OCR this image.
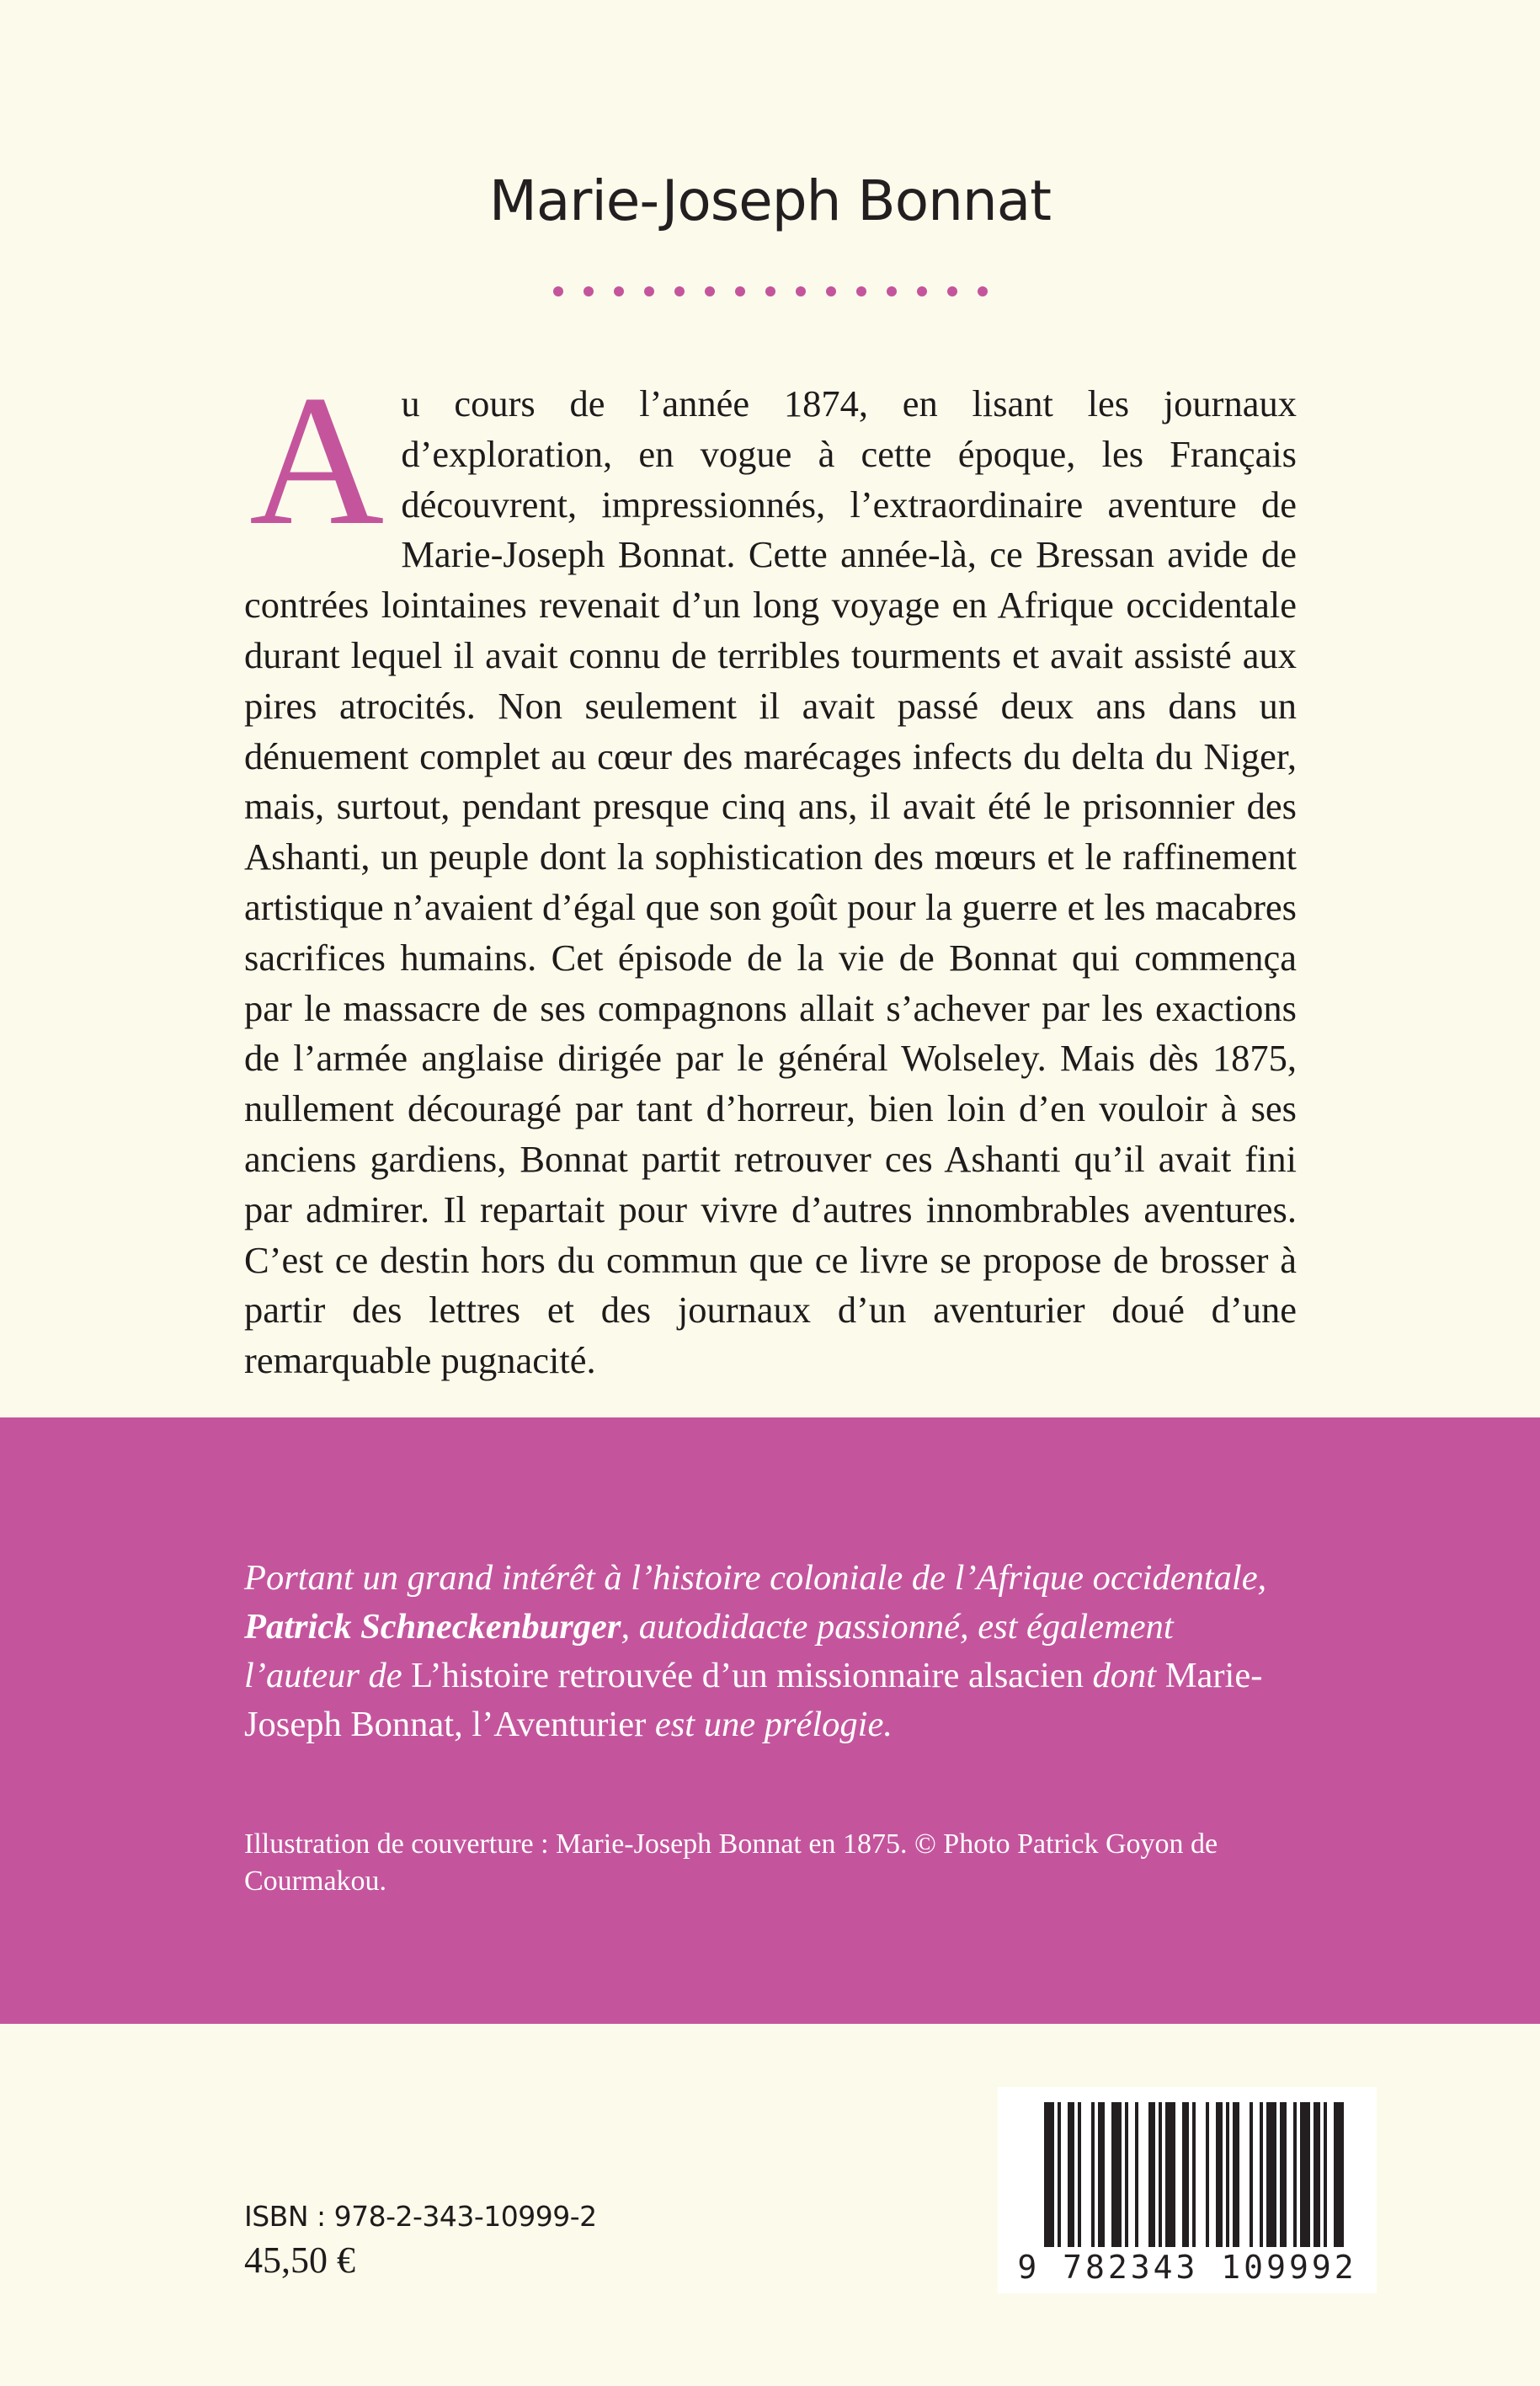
Marie-Joseph Bonnat

Au cours de l’année 1874, en lisant les journaux d’exploration, en vogue à cette époque, les Français découvrent, impressionnés, l’extraordinaire aventure de Marie-Joseph Bonnat. Cette année-là, ce Bressan avide de contrées lointaines revenait d’un long voyage en Afrique occidentale durant lequel il avait connu de terribles tourments et avait assisté aux pires atrocités. Non seulement il avait passé deux ans dans un dénuement complet au cœur des marécages infects du delta du Niger, mais, surtout, pendant presque cinq ans, il avait été le prisonnier des Ashanti, un peuple dont la sophistication des mœurs et le raffinement artistique n’avaient d’égal que son goût pour la guerre et les macabres sacrifices humains. Cet épisode de la vie de Bonnat qui commença par le massacre de ses compagnons allait s’achever par les exactions de l’armée anglaise dirigée par le général Wolseley. Mais dès 1875, nullement découragé par tant d’horreur, bien loin d’en vouloir à ses anciens gardiens, Bonnat partit retrouver ces Ashanti qu’il avait fini par admirer. Il repartait pour vivre d’autres innombrables aventures. C’est ce destin hors du commun que ce livre se propose de brosser à partir des lettres et des journaux d’un aventurier doué d’une remarquable pugnacité.

Portant un grand intérêt à l’histoire coloniale de l’Afrique occidentale, Patrick Schneckenburger, autodidacte passionné, est également l’auteur de L’histoire retrouvée d’un missionnaire alsacien dont Marie-Joseph Bonnat, l’Aventurier est une prélogie.

Illustration de couverture : Marie-Joseph Bonnat en 1875. © Photo Patrick Goyon de Courmakou.

ISBN : 978-2-343-10999-2
45,50 €	9 782343 109992
